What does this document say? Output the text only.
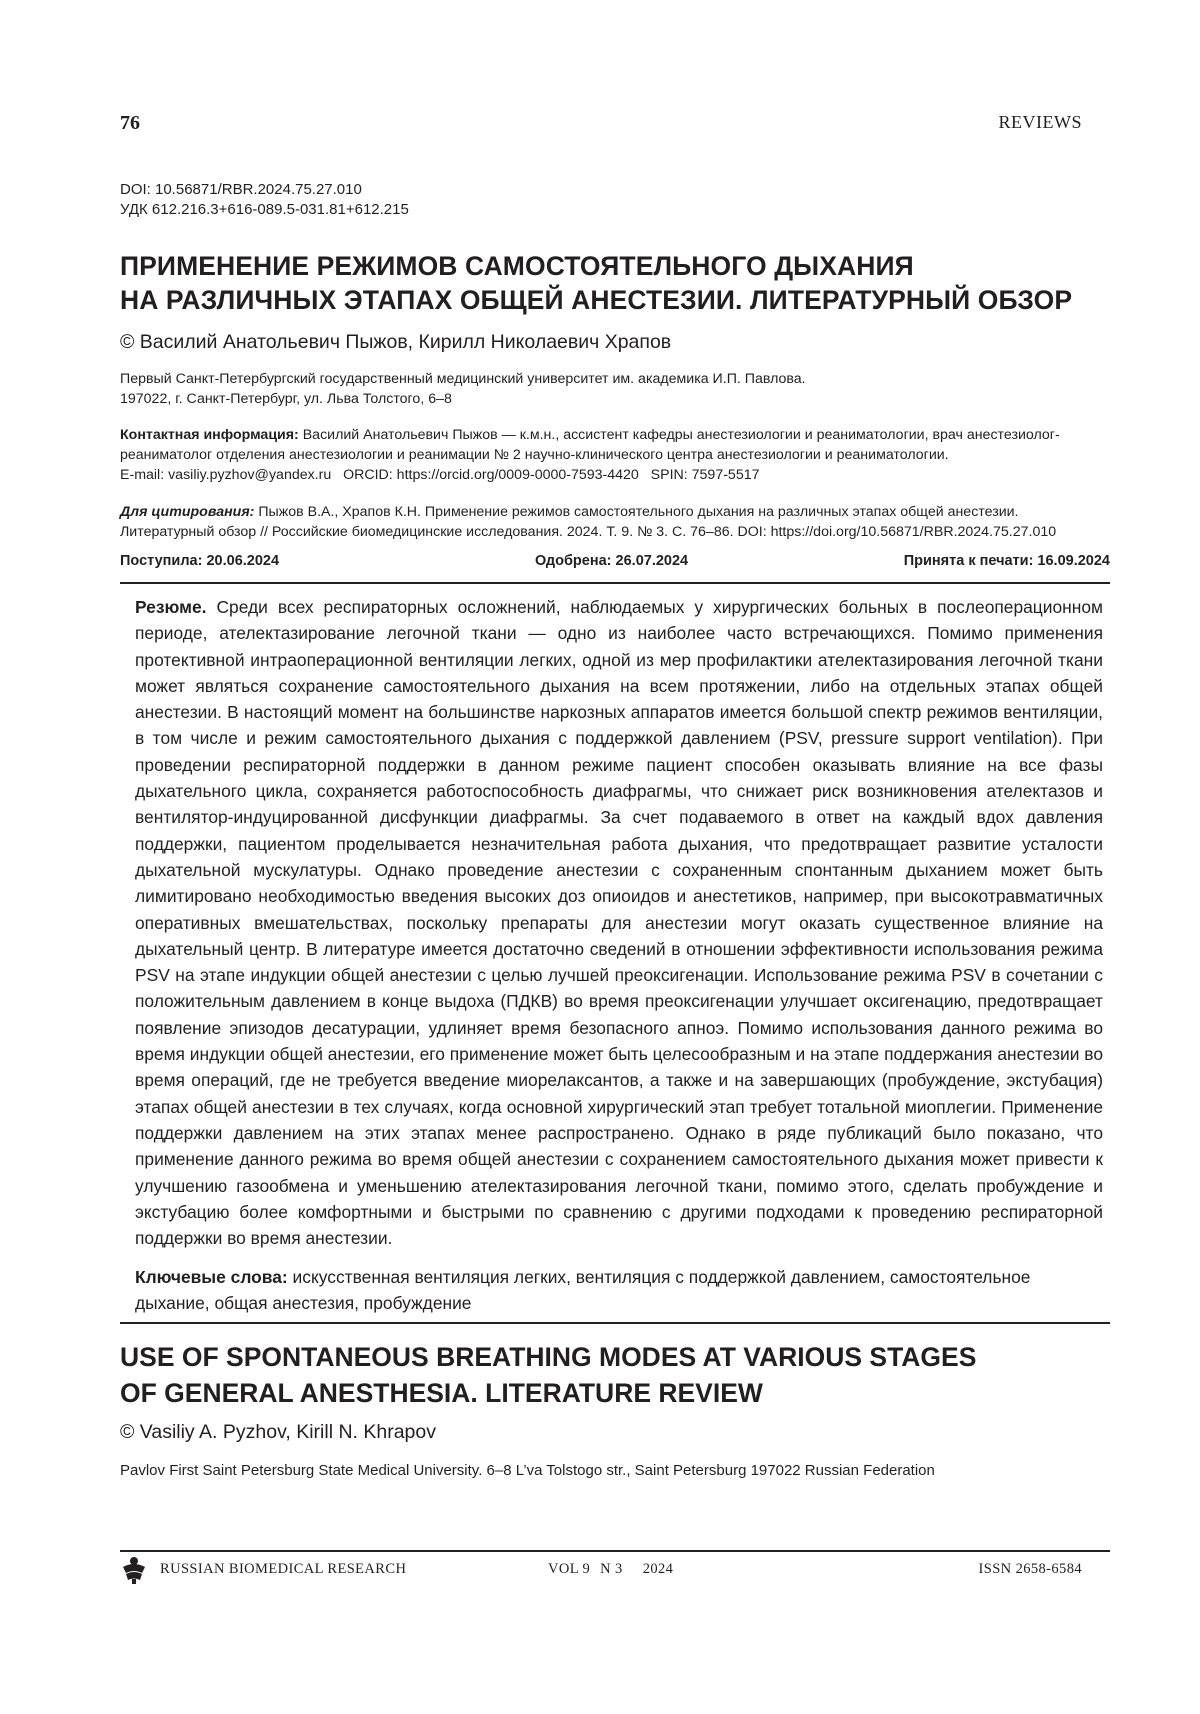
76	REVIEWS
DOI: 10.56871/RBR.2024.75.27.010
УДК 612.216.3+616-089.5-031.81+612.215
ПРИМЕНЕНИЕ РЕЖИМОВ САМОСТОЯТЕЛЬНОГО ДЫХАНИЯ
НА РАЗЛИЧНЫХ ЭТАПАХ ОБЩЕЙ АНЕСТЕЗИИ. ЛИТЕРАТУРНЫЙ ОБЗОР
© Василий Анатольевич Пыжов, Кирилл Николаевич Храпов
Первый Санкт-Петербургский государственный медицинский университет им. академика И.П. Павлова.
197022, г. Санкт-Петербург, ул. Льва Толстого, 6–8
Контактная информация: Василий Анатольевич Пыжов — к.м.н., ассистент кафедры анестезиологии и реаниматологии, врач анестезиолог-реаниматолог отделения анестезиологии и реанимации № 2 научно-клинического центра анестезиологии и реаниматологии.
E-mail: vasiliy.pyzhov@yandex.ru   ORCID: https://orcid.org/0009-0000-7593-4420   SPIN: 7597-5517
Для цитирования: Пыжов В.А., Храпов К.Н. Применение режимов самостоятельного дыхания на различных этапах общей анестезии. Литературный обзор // Российские биомедицинские исследования. 2024. Т. 9. № 3. С. 76–86. DOI: https://doi.org/10.56871/RBR.2024.75.27.010
Поступила: 20.06.2024	Одобрена: 26.07.2024	Принята к печати: 16.09.2024
Резюме. Среди всех респираторных осложнений, наблюдаемых у хирургических больных в послеоперационном периоде, ателектазирование легочной ткани — одно из наиболее часто встречающихся. Помимо применения протективной интраоперационной вентиляции легких, одной из мер профилактики ателектазирования легочной ткани может являться сохранение самостоятельного дыхания на всем протяжении, либо на отдельных этапах общей анестезии. В настоящий момент на большинстве наркозных аппаратов имеется большой спектр режимов вентиляции, в том числе и режим самостоятельного дыхания с поддержкой давлением (PSV, pressure support ventilation). При проведении респираторной поддержки в данном режиме пациент способен оказывать влияние на все фазы дыхательного цикла, сохраняется работоспособность диафрагмы, что снижает риск возникновения ателектазов и вентилятор-индуцированной дисфункции диафрагмы. За счет подаваемого в ответ на каждый вдох давления поддержки, пациентом проделывается незначительная работа дыхания, что предотвращает развитие усталости дыхательной мускулатуры. Однако проведение анестезии с сохраненным спонтанным дыханием может быть лимитировано необходимостью введения высоких доз опиоидов и анестетиков, например, при высокотравматичных оперативных вмешательствах, поскольку препараты для анестезии могут оказать существенное влияние на дыхательный центр. В литературе имеется достаточно сведений в отношении эффективности использования режима PSV на этапе индукции общей анестезии с целью лучшей преоксигенации. Использование режима PSV в сочетании с положительным давлением в конце выдоха (ПДКВ) во время преоксигенации улучшает оксигенацию, предотвращает появление эпизодов десатурации, удлиняет время безопасного апноэ. Помимо использования данного режима во время индукции общей анестезии, его применение может быть целесообразным и на этапе поддержания анестезии во время операций, где не требуется введение миорелаксантов, а также и на завершающих (пробуждение, экстубация) этапах общей анестезии в тех случаях, когда основной хирургический этап требует тотальной миоплегии. Применение поддержки давлением на этих этапах менее распространено. Однако в ряде публикаций было показано, что применение данного режима во время общей анестезии с сохранением самостоятельного дыхания может привести к улучшению газообмена и уменьшению ателектазирования легочной ткани, помимо этого, сделать пробуждение и экстубацию более комфортными и быстрыми по сравнению с другими подходами к проведению респираторной поддержки во время анестезии.
Ключевые слова: искусственная вентиляция легких, вентиляция с поддержкой давлением, самостоятельное дыхание, общая анестезия, пробуждение
USE OF SPONTANEOUS BREATHING MODES AT VARIOUS STAGES
OF GENERAL ANESTHESIA. LITERATURE REVIEW
© Vasiliy A. Pyzhov, Kirill N. Khrapov
Pavlov First Saint Petersburg State Medical University. 6–8 L’va Tolstogo str., Saint Petersburg 197022 Russian Federation
RUSSIAN BIOMEDICAL RESEARCH	VOL 9 N 3 2024	ISSN 2658-6584
